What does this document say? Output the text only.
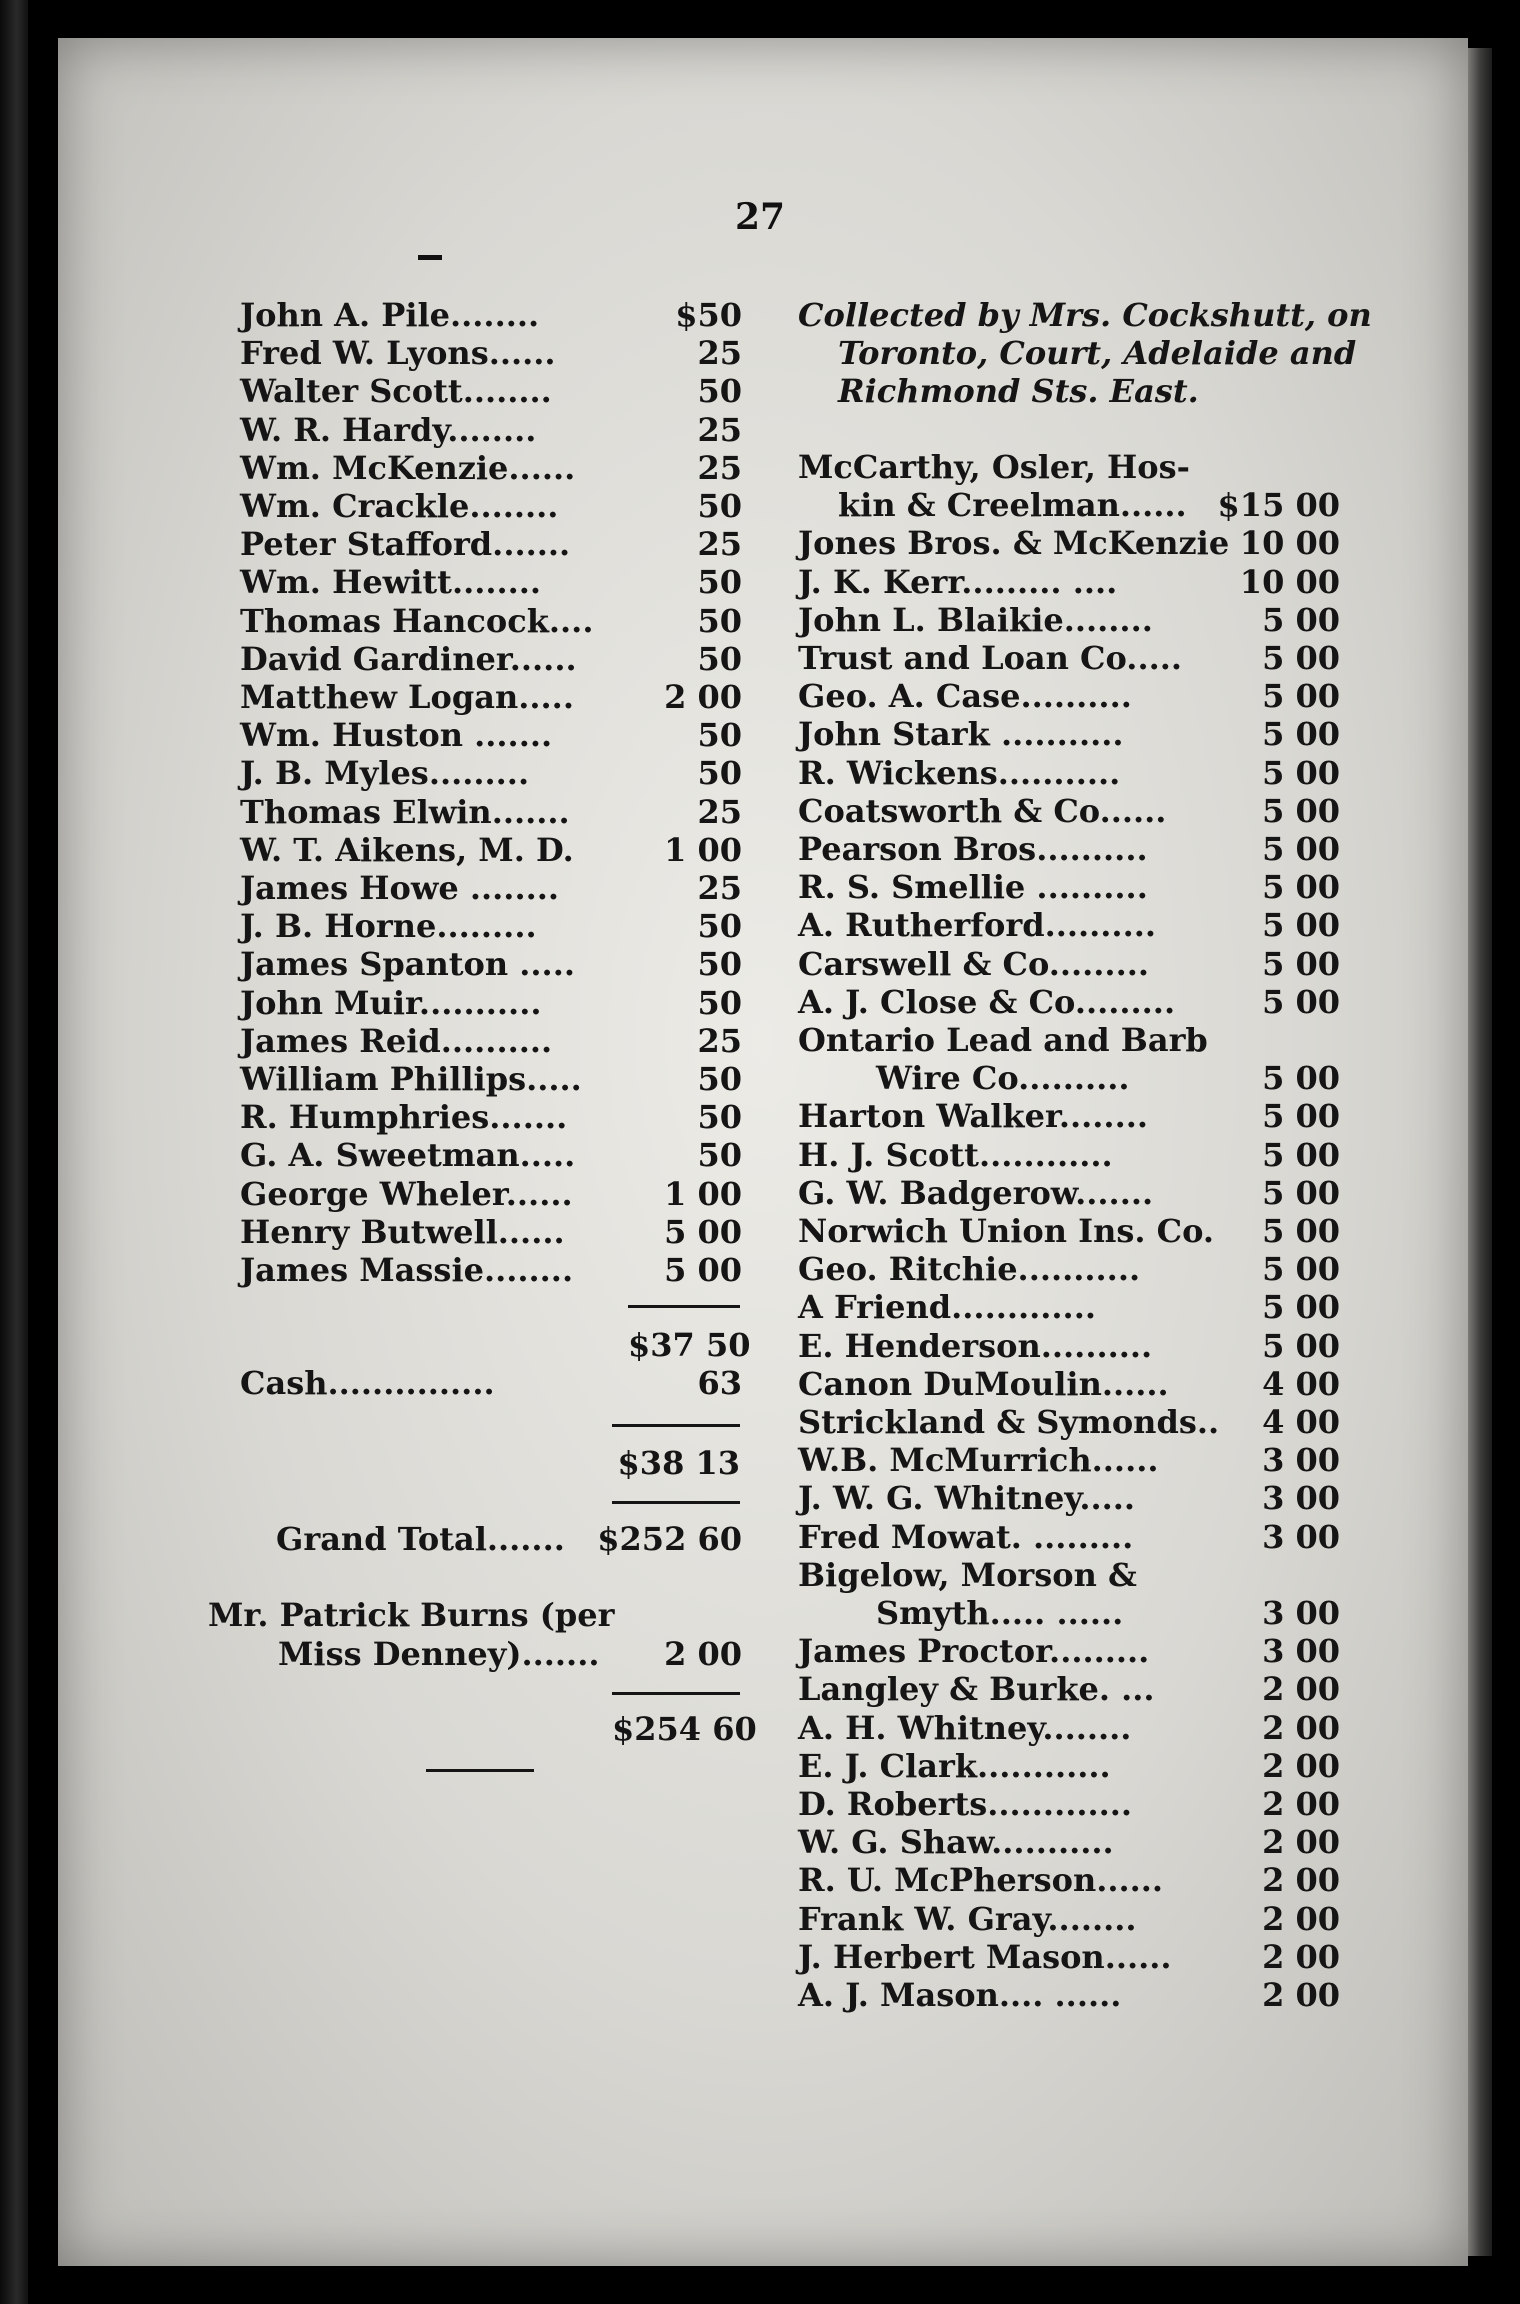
27
John A. Pile........	$50
Fred W. Lyons......	25
Walter Scott........	50
W. R. Hardy........	25
Wm. McKenzie......	25
Wm. Crackle........	50
Peter Stafford.......	25
Wm. Hewitt........	50
Thomas Hancock....	50
David Gardiner......	50
Matthew Logan.....	2 00
Wm. Huston .......	50
J. B. Myles.........	50
Thomas Elwin.......	25
W. T. Aikens, M. D.	1 00
James Howe ........	25
J. B. Horne.........	50
James Spanton .....	50
John Muir...........	50
James Reid..........	25
William Phillips.....	50
R. Humphries.......	50
G. A. Sweetman.....	50
George Wheler......	1 00
Henry Butwell......	5 00
James Massie........	5 00
$37 50
Cash...............	63
$38 13
Grand Total....... $252 60
Mr. Patrick Burns (per
Miss Denney)....... 2 00
$254 60
Collected by Mrs. Cockshutt, on
Toronto, Court, Adelaide and
Richmond Sts. East.
McCarthy, Osler, Hos-
kin & Creelman...... $15 00
Jones Bros. & McKenzie 10 00
J. K. Kerr......... ....	10 00
John L. Blaikie........	5 00
Trust and Loan Co.....	5 00
Geo. A. Case..........	5 00
John Stark ...........	5 00
R. Wickens...........	5 00
Coatsworth & Co......	5 00
Pearson Bros..........	5 00
R. S. Smellie ..........	5 00
A. Rutherford..........	5 00
Carswell & Co.........	5 00
A. J. Close & Co.........	5 00
Ontario Lead and Barb
Wire Co..........	5 00
Harton Walker........	5 00
H. J. Scott............	5 00
G. W. Badgerow.......	5 00
Norwich Union Ins. Co. 5 00
Geo. Ritchie...........	5 00
A Friend.............	5 00
E. Henderson..........	5 00
Canon DuMoulin......	4 00
Strickland & Symonds.. 4 00
W.B. McMurrich......	3 00
J. W. G. Whitney.....	3 00
Fred Mowat. .........	3 00
Bigelow, Morson &
Smyth..... ......	3 00
James Proctor.........	3 00
Langley & Burke. ...	2 00
A. H. Whitney........	2 00
E. J. Clark............	2 00
D. Roberts.............	2 00
W. G. Shaw...........	2 00
R. U. McPherson......	2 00
Frank W. Gray........	2 00
J. Herbert Mason......	2 00
A. J. Mason.... ......	2 00
